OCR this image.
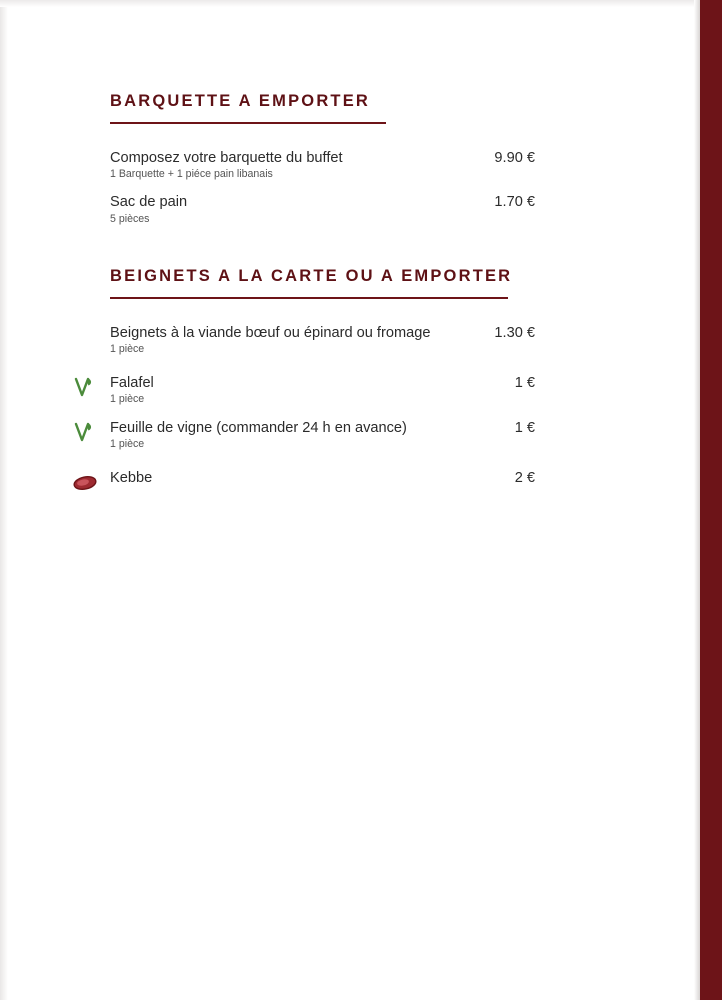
BARQUETTE A EMPORTER
Composez votre barquette du buffet
1 Barquette + 1 piéce pain libanais
9.90 €
Sac de pain
5 pièces
1.70 €
BEIGNETS A LA CARTE OU A EMPORTER
Beignets à la viande bœuf ou épinard ou fromage
1 pièce
1.30 €
Falafel
1 pièce
1 €
Feuille de vigne (commander 24 h en avance)
1 pièce
1 €
Kebbe	2 €
